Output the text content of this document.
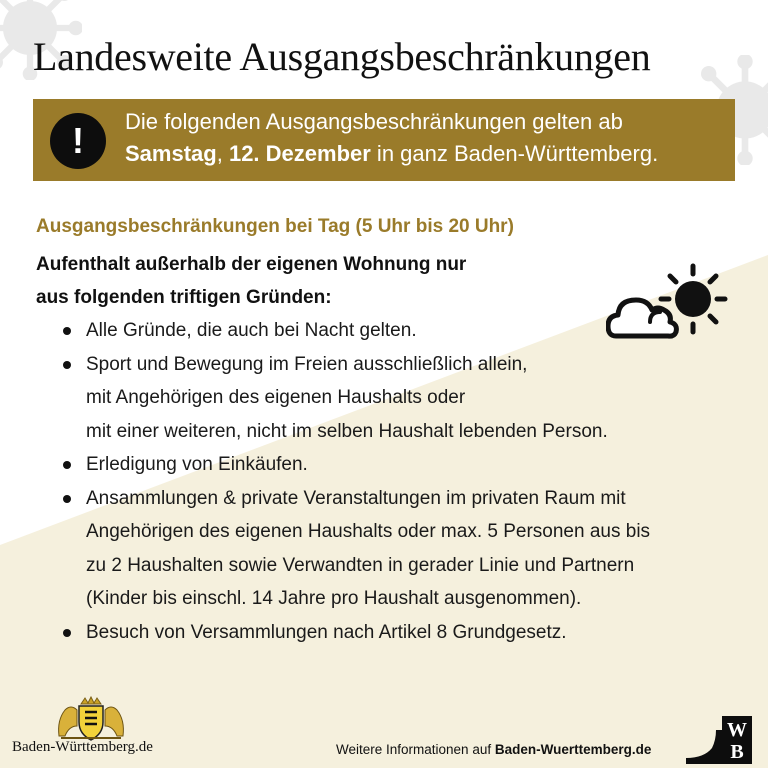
Landesweite Ausgangsbeschränkungen
!	Die folgenden Ausgangsbeschränkungen gelten ab
Samstag, 12. Dezember in ganz Baden-Württemberg.
Ausgangsbeschränkungen bei Tag (5 Uhr bis 20 Uhr)
Aufenthalt außerhalb der eigenen Wohnung nur
aus folgenden triftigen Gründen:
Alle Gründe, die auch bei Nacht gelten.
Sport und Bewegung im Freien ausschließlich allein,
mit Angehörigen des eigenen Haushalts oder
mit einer weiteren, nicht im selben Haushalt lebenden Person.
Erledigung von Einkäufen.
Ansammlungen & private Veranstaltungen im privaten Raum mit
Angehörigen des eigenen Haushalts oder max. 5 Personen aus bis
zu 2 Haushalten sowie Verwandten in gerader Linie und Partnern
(Kinder bis einschl. 14 Jahre pro Haushalt ausgenommen).
Besuch von Versammlungen nach Artikel 8 Grundgesetz.
Baden-Württemberg.de	Weitere Informationen auf Baden-Wuerttemberg.de
W
B
